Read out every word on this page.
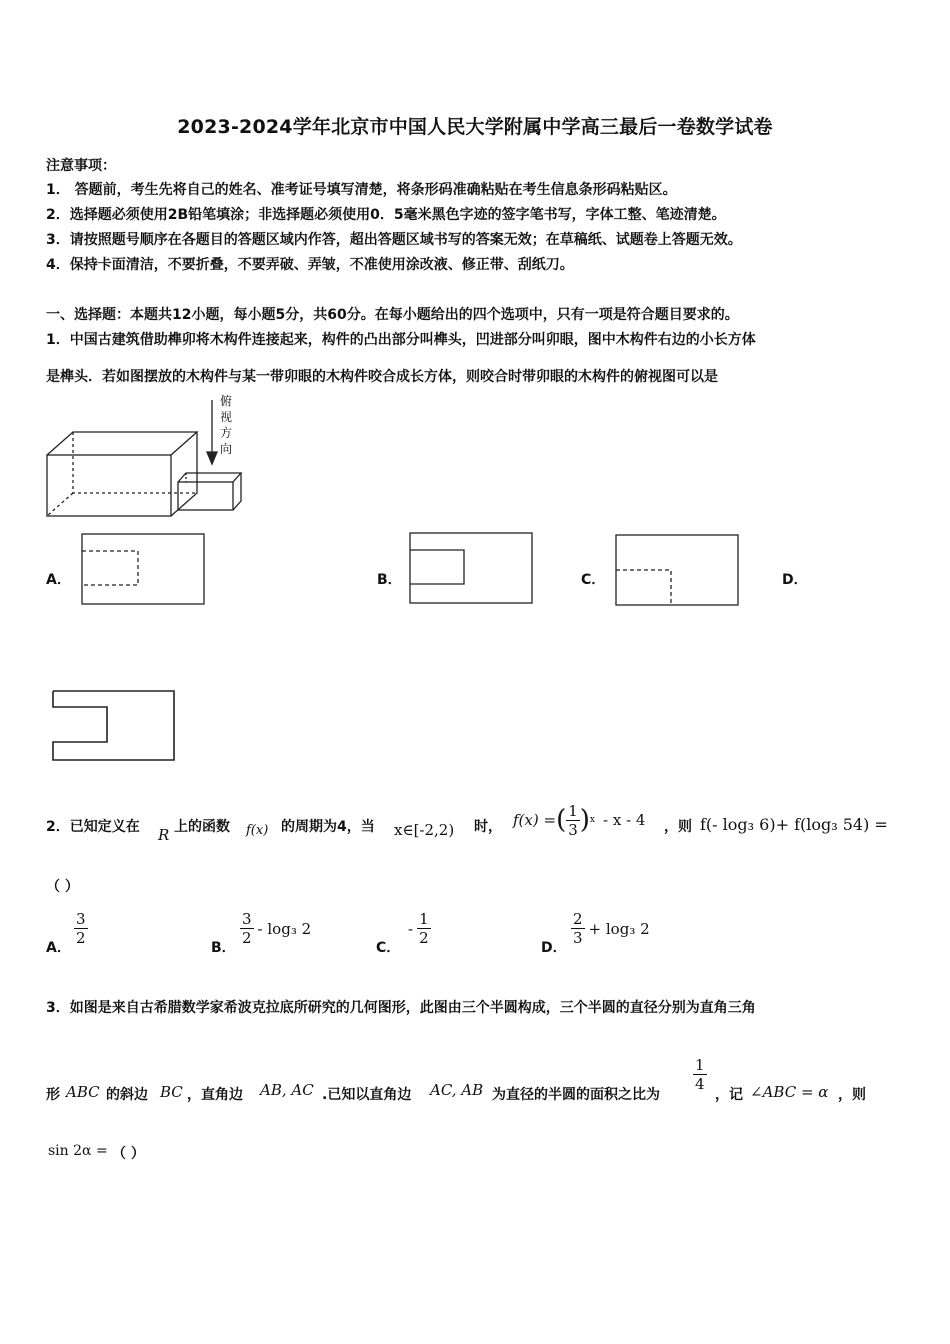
2023-2024学年北京市中国人民大学附属中学高三最后一卷数学试卷
注意事项：
1． 答题前，考生先将自己的姓名、准考证号填写清楚，将条形码准确粘贴在考生信息条形码粘贴区。
2．选择题必须使用2B铅笔填涂；非选择题必须使用0．5毫米黑色字迹的签字笔书写，字体工整、笔迹清楚。
3．请按照题号顺序在各题目的答题区域内作答，超出答题区域书写的答案无效；在草稿纸、试题卷上答题无效。
4．保持卡面清洁，不要折叠，不要弄破、弄皱，不准使用涂改液、修正带、刮纸刀。
一、选择题：本题共12小题，每小题5分，共60分。在每小题给出的四个选项中，只有一项是符合题目要求的。
1．中国古建筑借助榫卯将木构件连接起来，构件的凸出部分叫榫头，凹进部分叫卯眼，图中木构件右边的小长方体
是榫头．若如图摆放的木构件与某一带卯眼的木构件咬合成长方体，则咬合时带卯眼的木构件的俯视图可以是
俯
视
方
向
A．	B．	C．	D．
2．已知定义在 R 上的函数 f(x) 的周期为4，当 x∈[-2,2) 时， f(x) = ( $\frac{1}{3}$ ) x - x - 4 ，则 f(- log₃ 6)+ f(log₃ 54) =
（ ）
A．
$\frac{3}{2}$
B．
$\frac{3}{2} - \log_3$ 2
C．
- $\frac{1}{2}$
D．
$\frac{2}{3} + \log_3$ 2
3．如图是来自古希腊数学家希波克拉底所研究的几何图形，此图由三个半圆构成，三个半圆的直径分别为直角三角
形 ABC 的斜边 BC ，直角边 AB, AC .已知以直角边 AC, AB 为直径的半圆的面积之比为
$\frac{1}{4}$
，记 ∠ABC = α ，则
sin 2α = （ ）
